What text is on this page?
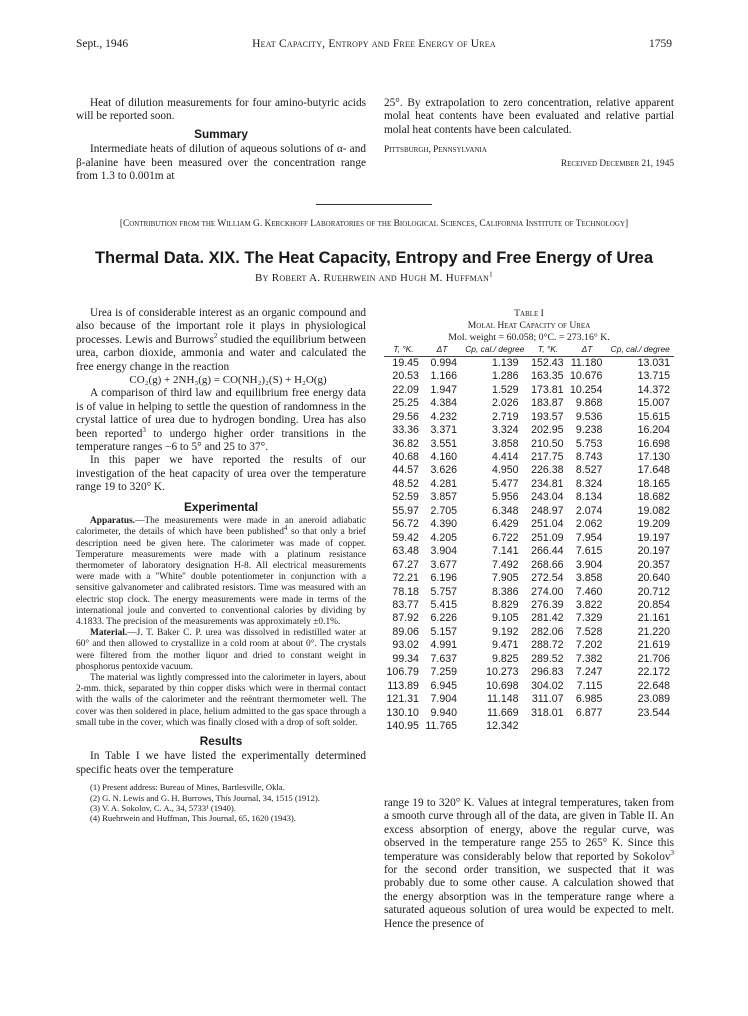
Sept., 1946	Heat Capacity, Entropy and Free Energy of Urea	1759

Heat of dilution measurements for four amino-butyric acids will be reported soon.

Summary

Intermediate heats of dilution of aqueous solutions of α- and β-alanine have been measured over the concentration range from 1.3 to 0.001m at

25°. By extrapolation to zero concentration, relative apparent molal heat contents have been evaluated and relative partial molal heat contents have been calculated.

Pittsburgh, Pennsylvania
Received December 21, 1945
[Contribution from the William G. Kerckhoff Laboratories of the Biological Sciences, California Institute of Technology]
Thermal Data. XIX. The Heat Capacity, Entropy and Free Energy of Urea
By Robert A. Ruehrwein and Hugh M. Huffman$^1$

Urea is of considerable interest as an organic compound and also because of the important role it plays in physiological processes. Lewis and Burrows$^2$ studied the equilibrium between urea, carbon dioxide, ammonia and water and calculated the free energy change in the reaction

CO₂(g) + 2NH₃(g) = CO(NH₂)₂(S) + H₂O(g)

A comparison of third law and equilibrium free energy data is of value in helping to settle the question of randomness in the crystal lattice of urea due to hydrogen bonding. Urea has also been reported$^3$ to undergo higher order transitions in the temperature ranges −6 to 5° and 25 to 37°.

In this paper we have reported the results of our investigation of the heat capacity of urea over the temperature range 19 to 320° K.

Experimental

Apparatus.—The measurements were made in an aneroid adiabatic calorimeter, the details of which have been published$^4$ so that only a brief description need be given here. The calorimeter was made of copper. Temperature measurements were made with a platinum resistance thermometer of laboratory designation H-8. All electrical measurements were made with a "White" double potentiometer in conjunction with a sensitive galvanometer and calibrated resistors. Time was measured with an electric stop clock. The energy measurements were made in terms of the international joule and converted to conventional calories by dividing by 4.1833. The precision of the measurements was approximately ±0.1%.

Material.—J. T. Baker C. P. urea was dissolved in redistilled water at 60° and then allowed to crystallize in a cold room at about 0°. The crystals were filtered from the mother liquor and dried to constant weight in phosphorus pentoxide vacuum.

The material was lightly compressed into the calorimeter in layers, about 2-mm. thick, separated by thin copper disks which were in thermal contact with the walls of the calorimeter and the reëntrant thermometer well. The cover was then soldered in place, helium admitted to the gas space through a small tube in the cover, which was finally closed with a drop of soft solder.

Results

In Table I we have listed the experimentally determined specific heats over the temperature

(1) Present address: Bureau of Mines, Bartlesville, Okla.

(2) G. N. Lewis and G. H. Burrows, This Journal, 34, 1515 (1912).

(3) V. A. Sokolov, C. A., 34, 5733¹ (1940).

(4) Ruehrwein and Huffman, This Journal, 65, 1620 (1943).

Table I
Molal Heat Capacity of Urea
Mol. weight = 60.058; 0°C. = 273.16° K.
T, °K.	ΔT	Cp, cal./ degree	T, °K.	ΔT	Cp, cal./ degree
19.45	0.994	1.139	152.43	11.180	13.031
20.53	1.166	1.286	163.35	10.676	13.715
22.09	1.947	1.529	173.81	10.254	14.372
25.25	4.384	2.026	183.87	9.868	15.007
29.56	4.232	2.719	193.57	9.536	15.615
33.36	3.371	3.324	202.95	9.238	16.204
36.82	3.551	3.858	210.50	5.753	16.698
40.68	4.160	4.414	217.75	8.743	17.130
44.57	3.626	4.950	226.38	8.527	17.648
48.52	4.281	5.477	234.81	8.324	18.165
52.59	3.857	5.956	243.04	8.134	18.682
55.97	2.705	6.348	248.97	2.074	19.082
56.72	4.390	6.429	251.04	2.062	19.209
59.42	4.205	6.722	251.09	7.954	19.197
63.48	3.904	7.141	266.44	7.615	20.197
67.27	3.677	7.492	268.66	3.904	20.357
72.21	6.196	7.905	272.54	3.858	20.640
78.18	5.757	8.386	274.00	7.460	20.712
83.77	5.415	8.829	276.39	3.822	20.854
87.92	6.226	9.105	281.42	7.329	21.161
89.06	5.157	9.192	282.06	7.528	21.220
93.02	4.991	9.471	288.72	7.202	21.619
99.34	7.637	9.825	289.52	7.382	21.706
106.79	7.259	10.273	296.83	7.247	22.172
113.89	6.945	10.698	304.02	7.115	22.648
121.31	7.904	11.148	311.07	6.985	23.089
130.10	9.940	11.669	318.01	6.877	23.544
140.95	11.765	12.342			

range 19 to 320° K. Values at integral temperatures, taken from a smooth curve through all of the data, are given in Table II. An excess absorption of energy, above the regular curve, was observed in the temperature range 255 to 265° K. Since this temperature was considerably below that reported by Sokolov$^3$ for the second order transition, we suspected that it was probably due to some other cause. A calculation showed that the energy absorption was in the temperature range where a saturated aqueous solution of urea would be expected to melt. Hence the presence of
